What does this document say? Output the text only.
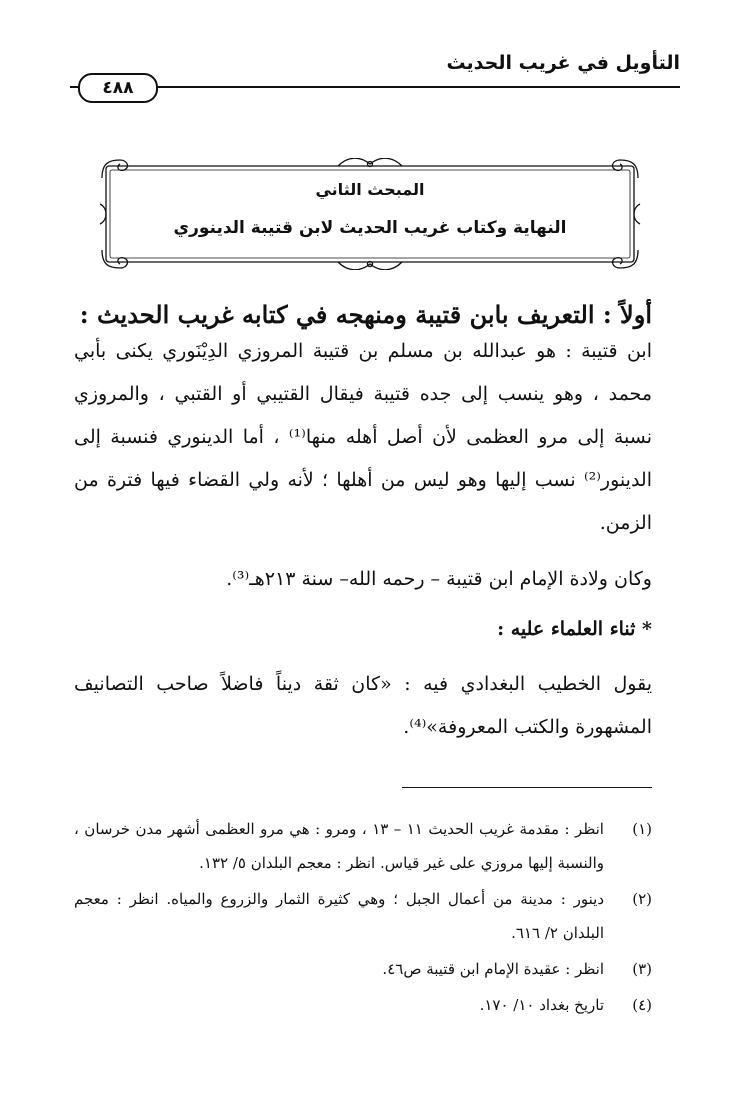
التأويل في غريب الحديث
٤٨٨
المبحث الثاني
النهاية وكتاب غريب الحديث لابن قتيبة الدينوري
أولاً : التعريف بابن قتيبة ومنهجه في كتابه غريب الحديث :
ابن قتيبة : هو عبدالله بن مسلم بن قتيبة المروزي الدِيْنَوري يكنى بأبي محمد ، وهو ينسب إلى جده قتيبة فيقال القتيبي أو القتبي ، والمروزي نسبة إلى مرو العظمى لأن أصل أهله منها⁽¹⁾ ، أما الدينوري فنسبة إلى الدينور⁽²⁾ نسب إليها وهو ليس من أهلها ؛ لأنه ولي القضاء فيها فترة من الزمن.
وكان ولادة الإمام ابن قتيبة – رحمه الله– سنة ٢١٣هـ⁽³⁾.
* ثناء العلماء عليه :
يقول الخطيب البغدادي فيه : «كان ثقة ديناً فاضلاً صاحب التصانيف المشهورة والكتب المعروفة»⁽⁴⁾.
(١)
انظر : مقدمة غريب الحديث ١١ – ١٣ ، ومرو : هي مرو العظمى أشهر مدن خرسان ، والنسبة إليها مروزي على غير قياس. انظر : معجم البلدان ٥/ ١٣٢.
(٢)
دينور : مدينة من أعمال الجبل ؛ وهي كثيرة الثمار والزروع والمياه. انظر : معجم البلدان ٢/ ٦١٦.
(٣)
انظر : عقيدة الإمام ابن قتيبة ص٤٦.
(٤)
تاريخ بغداد ١٠/ ١٧٠.
